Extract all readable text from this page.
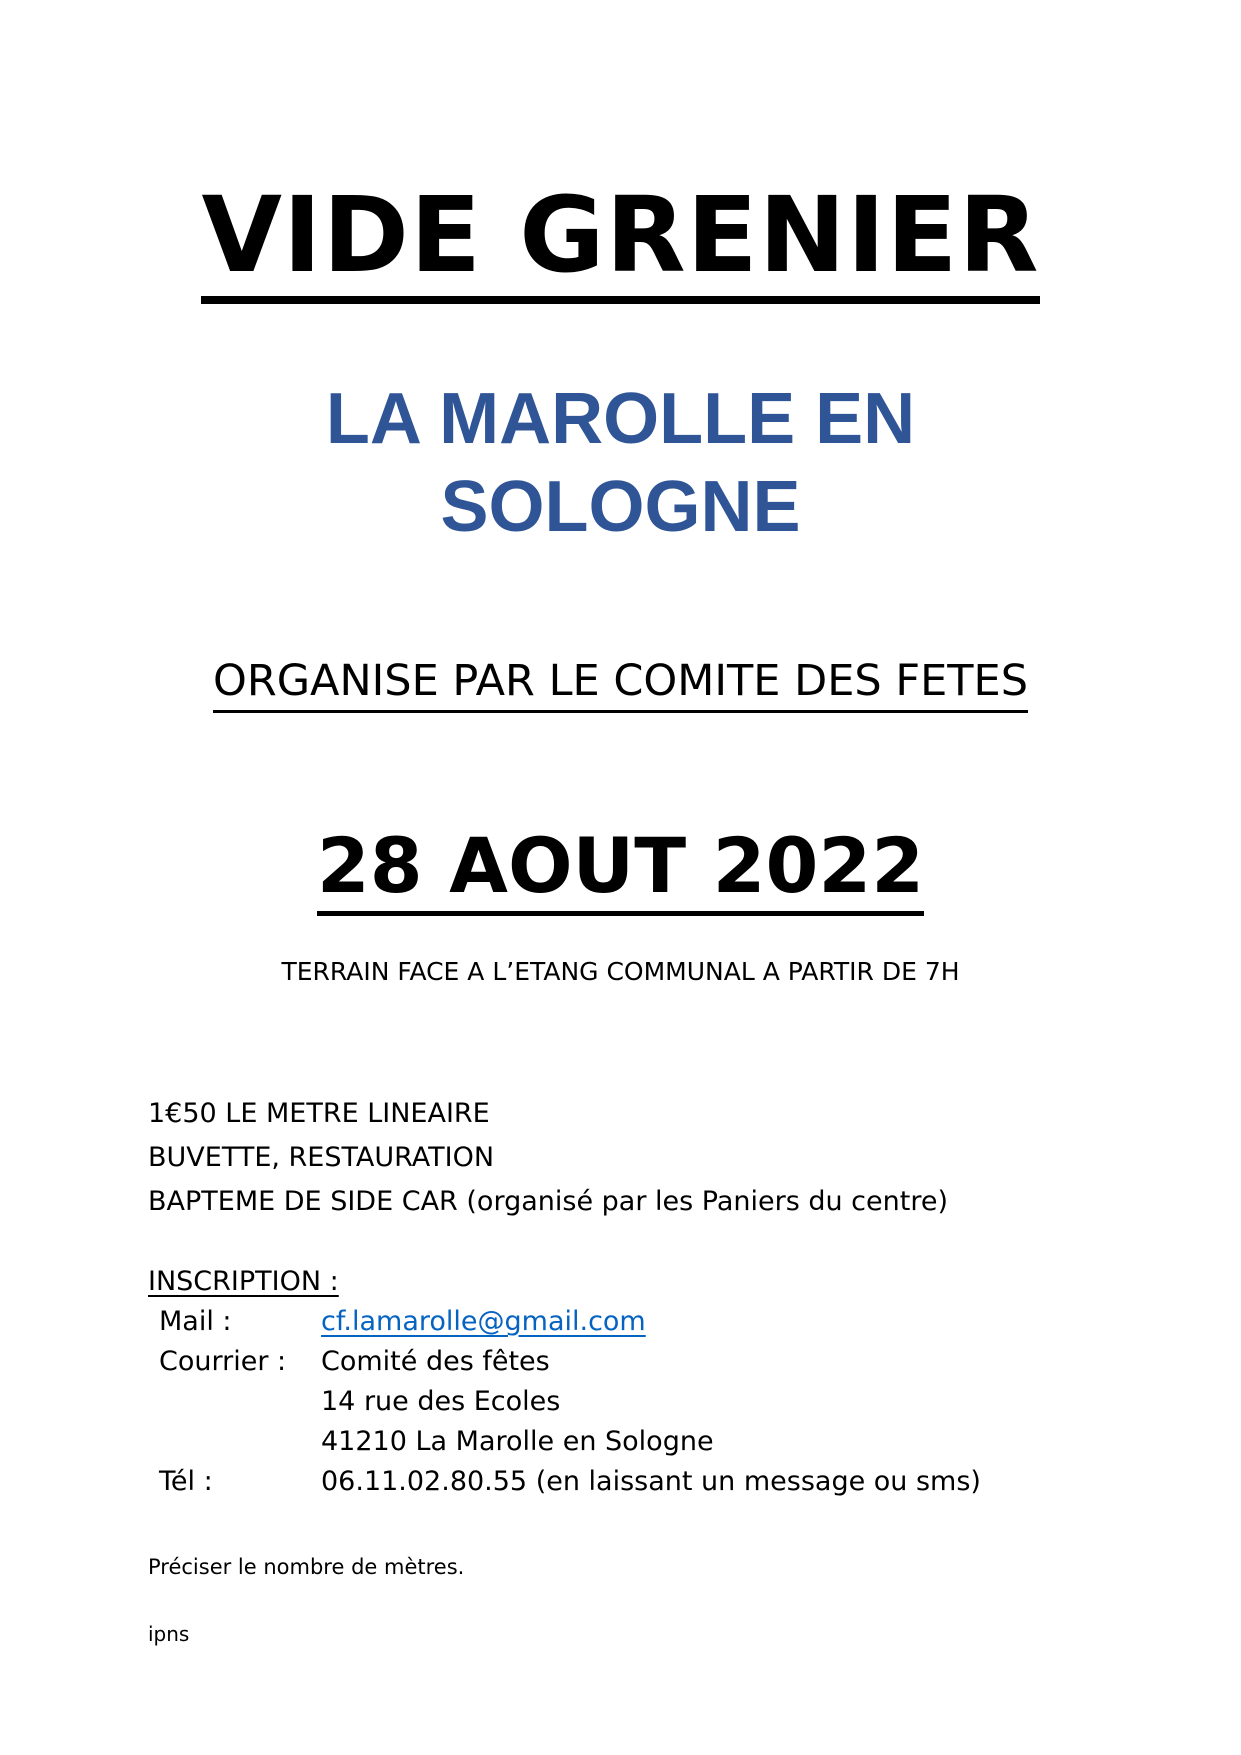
VIDE GRENIER
LA MAROLLE EN
SOLOGNE
ORGANISE PAR LE COMITE DES FETES
28 AOUT 2022
TERRAIN FACE A L’ETANG COMMUNAL A PARTIR DE 7H
1€50 LE METRE LINEAIRE
BUVETTE, RESTAURATION
BAPTEME DE SIDE CAR (organisé par les Paniers du centre)
INSCRIPTION :
Mail :	cf.lamarolle@gmail.com
Courrier :	Comité des fêtes
14 rue des Ecoles
41210 La Marolle en Sologne
Tél :	06.11.02.80.55 (en laissant un message ou sms)
Préciser le nombre de mètres.
ipns
